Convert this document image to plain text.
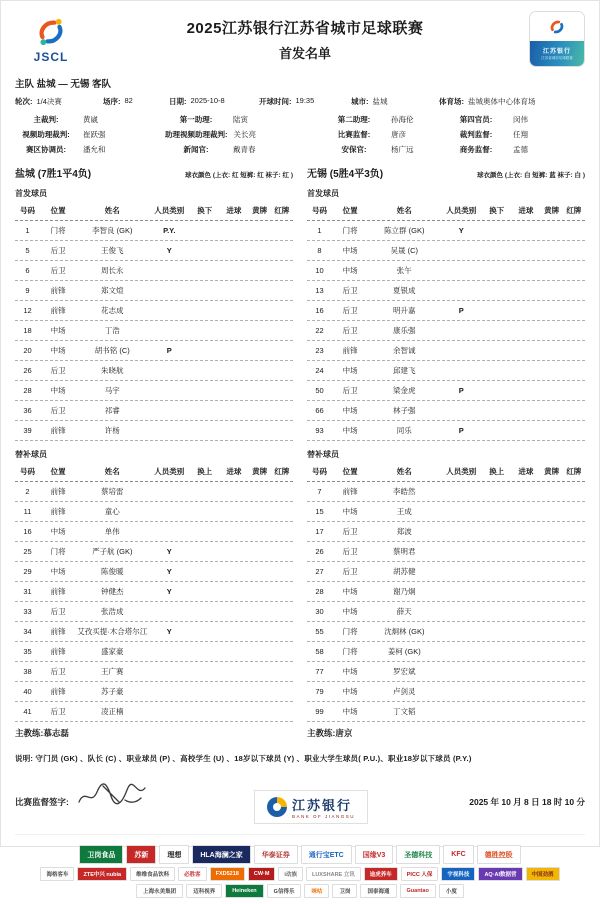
JSCL
2025江苏银行江苏省城市足球联赛
首发名单	江苏银行
江苏省城市足球联赛
主队 盐城 — 无锡 客队
轮次: 1/4决赛	场序: 82	日期: 2025-10-8	开球时间: 19:35	城市: 盐城	体育场: 盐城奥体中心体育场
主裁判:	黄崴	第一助理:	陆寅	第二助理:	孙海伦	第四官员:	闵伟
视频助理裁判:	崔跃强	助理视频助理裁判: 关长亮	比赛监督:	唐彦	裁判监督:	任翔
赛区协调员:	潘允和	新闻官:	戴青春	安保官:	杨广远	商务监督:	孟德
盐城 (7胜1平4负)	球衣颜色 (上衣: 红 短裤: 红 袜子: 红 )
首发球员
号码	位置	姓名	人员类别	换下	进球	黄牌 红牌
1	门将	李智良 (GK)	P.Y.
5	后卫	王俊飞	Y
6	后卫	周长永
9	前锋	郑文煊
12	前锋	花志成
18	中场	丁浩
20	中场	胡书铭 (C)	P
26	后卫	朱晓航
28	中场	马宇
36	后卫	祁睿
39	前锋	许杨
替补球员
号码	位置	姓名	人员类别	换上	进球	黄牌 红牌
2	前锋	蔡培雷
11	前锋	童心
16	中场	单伟
25	门将	严子航 (GK)	Y
29	中场	陈俊暖	Y
31	前锋	钟健杰	Y
33	后卫	张浩成
34	前锋	艾孜买提·木合塔尔江	Y
35	前锋	盛家豪
38	后卫	王广赛
40	前锋	苏子豪
41	后卫	凌正楠
主教练:慕志磊
无锡 (5胜4平3负)	球衣颜色 (上衣: 白 短裤: 蓝 袜子: 白 )
首发球员
号码	位置	姓名	人员类别	换下	进球	黄牌 红牌
1	门将	陈立群 (GK)	Y
8	中场	吴晟 (C)
10	中场	张午
13	后卫	夏银成
16	后卫	明升嘉	P
22	后卫	康乐强
23	前锋	余智诚
24	中场	邱建飞
50	后卫	梁金虎	P
66	中场	林子强
93	中场	同乐	P
替补球员
号码	位置	姓名	人员类别	换上	进球	黄牌 红牌
7	前锋	李皓然
15	中场	王成
17	后卫	郑波
26	后卫	蔡明君
27	后卫	胡苏健
28	中场	谢乃炯
30	中场	薛天
55	门将	沈炯林 (GK)
58	门将	姜柯 (GK)
77	中场	罗宏斌
79	中场	卢剑灵
99	中场	丁文韬
主教练:唐京
说明: 守门员 (GK) 、队长 (C) 、职业球员 (P) 、高校学生 (U) 、18岁以下球员 (Y) 、职业大学生球员( P.U.)、职业18岁以下球员 (P.Y.)
比赛监督签字:	江苏银行
BANK OF JIANGSU
2025 年 10 月 8 日 18 时 10 分
卫岗食品	苏新	理想	HLA海澜之家	华泰证券	通行宝ETC	国缘V3	圣德科技	KFC	德胜控股
海格客车	ZTE中兴 nubia	维维食品饮料	必胜客	FXD5218	CW·M	i动族	LUXSHARE 立讯	途虎养车	PICC 人保	宇视科技	AQ·AI数据营	中国劲酒
上海永美集团	迈科视界	Heineken	G信得乐	咪咕	卫岗	国泰海通	Guantao	小度
